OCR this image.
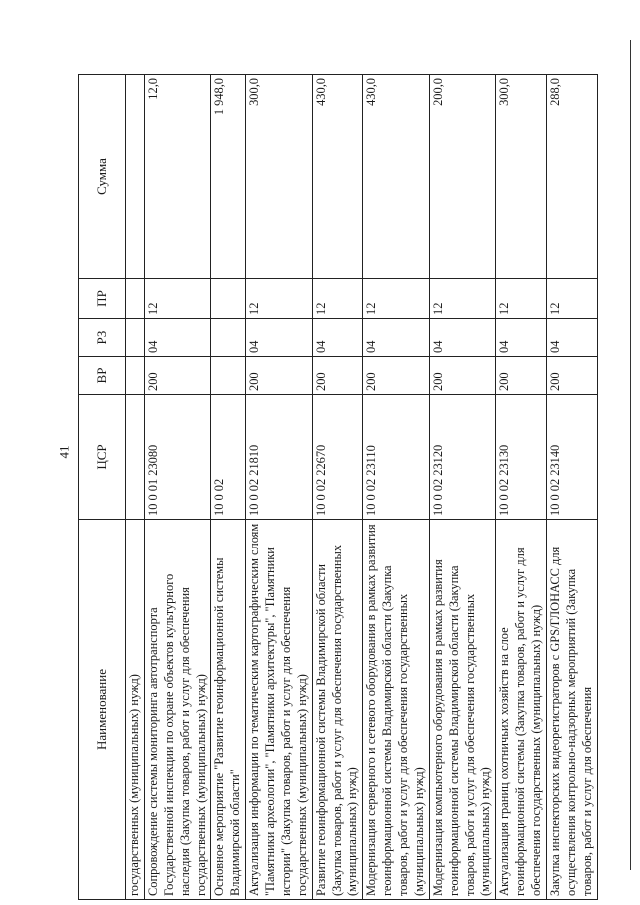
41
Наименование	ЦСР	ВР	РЗ	ПР	Сумма
государственных (муниципальных) нужд)					
Сопровождение системы мониторинга автотранспорта Государственной инспекции по охране объектов культурного наследия (Закупка товаров, работ и услуг для обеспечения государственных (муниципальных) нужд)	10 0 01 23080	200	04	12	12,0
Основное мероприятие "Развитие геоинформационной системы Владимирской области"	10 0 02				1 948,0
Актуализация информации по тематическим картографическим слоям "Памятники археологии", "Памятники архитектуры", "Памятники истории" (Закупка товаров, работ и услуг для обеспечения государственных (муниципальных) нужд)	10 0 02 21810	200	04	12	300,0
Развитие геоинформационной системы Владимирской области (Закупка товаров, работ и услуг для обеспечения государственных (муниципальных) нужд)	10 0 02 22670	200	04	12	430,0
Модернизация серверного и сетевого оборудования в рамках развития геоинформационной системы Владимирской области (Закупка товаров, работ и услуг для обеспечения государственных (муниципальных) нужд)	10 0 02 23110	200	04	12	430,0
Модернизация компьютерного оборудования в рамках развития геоинформационной системы Владимирской области (Закупка товаров, работ и услуг для обеспечения государственных (муниципальных) нужд)	10 0 02 23120	200	04	12	200,0
Актуализация границ охотничьих хозяйств на слое геоинформационной системы (Закупка товаров, работ и услуг для обеспечения государственных (муниципальных) нужд)	10 0 02 23130	200	04	12	300,0
Закупка инспекторских видеорегистраторов с GPS/ГЛОНАСС для осуществления контрольно-надзорных мероприятий (Закупка товаров, работ и услуг для обеспечения	10 0 02 23140	200	04	12	288,0
